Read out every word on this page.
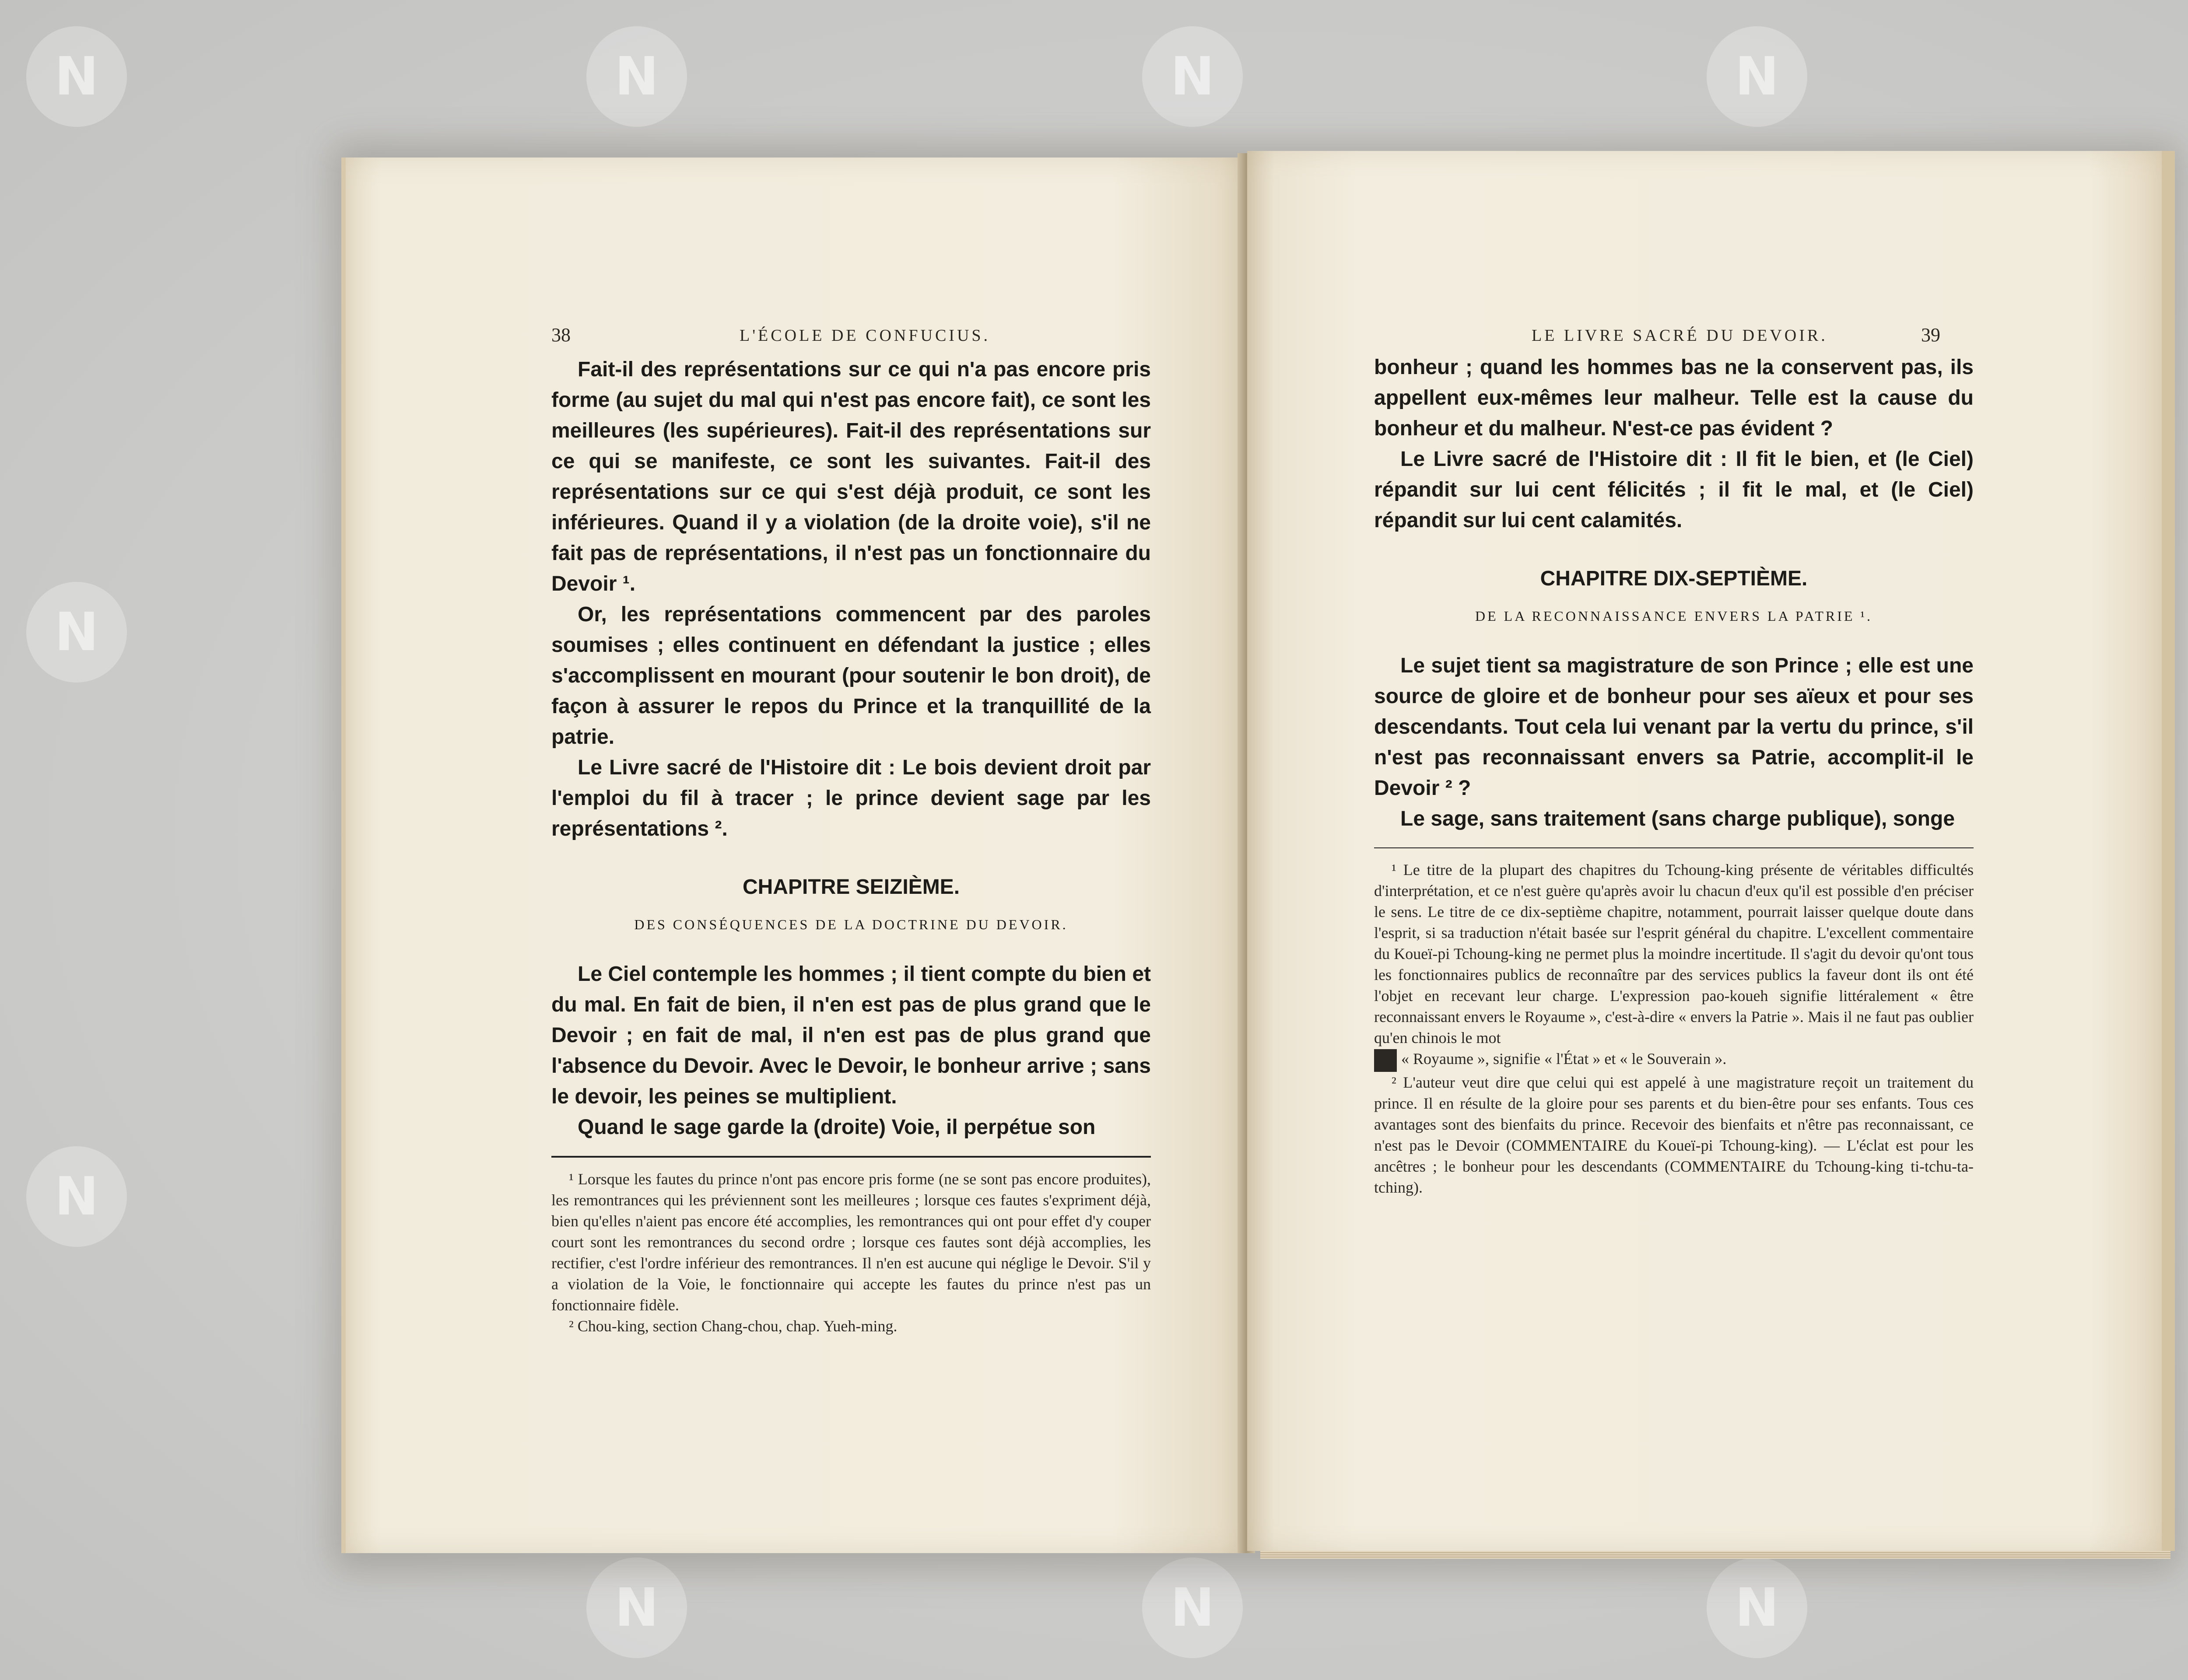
N	N	N	N
N
N
N	N	N
38	L'ÉCOLE DE CONFUCIUS.

Fait-il des représentations sur ce qui n'a pas encore pris forme (au sujet du mal qui n'est pas encore fait), ce sont les meilleures (les supérieures). Fait-il des représentations sur ce qui se manifeste, ce sont les suivantes. Fait-il des représentations sur ce qui s'est déjà produit, ce sont les inférieures. Quand il y a violation (de la droite voie), s'il ne fait pas de représentations, il n'est pas un fonctionnaire du Devoir ¹.

Or, les représentations commencent par des paroles soumises ; elles continuent en défendant la justice ; elles s'accomplissent en mourant (pour soutenir le bon droit), de façon à assurer le repos du Prince et la tranquillité de la patrie.

Le Livre sacré de l'Histoire dit : Le bois devient droit par l'emploi du fil à tracer ; le prince devient sage par les représentations ².

CHAPITRE SEIZIÈME.
DES CONSÉQUENCES DE LA DOCTRINE DU DEVOIR.

Le Ciel contemple les hommes ; il tient compte du bien et du mal. En fait de bien, il n'en est pas de plus grand que le Devoir ; en fait de mal, il n'en est pas de plus grand que l'absence du Devoir. Avec le Devoir, le bonheur arrive ; sans le devoir, les peines se multiplient.

Quand le sage garde la (droite) Voie, il perpétue son

¹ Lorsque les fautes du prince n'ont pas encore pris forme (ne se sont pas encore produites), les remontrances qui les préviennent sont les meilleures ; lorsque ces fautes s'expriment déjà, bien qu'elles n'aient pas encore été accomplies, les remontrances qui ont pour effet d'y couper court sont les remontrances du second ordre ; lorsque ces fautes sont déjà accomplies, les rectifier, c'est l'ordre inférieur des remontrances. Il n'en est aucune qui néglige le Devoir. S'il y a violation de la Voie, le fonctionnaire qui accepte les fautes du prince n'est pas un fonctionnaire fidèle.

² Chou-king, section Chang-chou, chap. Yueh-ming.

LE LIVRE SACRÉ DU DEVOIR.	39

bonheur ; quand les hommes bas ne la conservent pas, ils appellent eux-mêmes leur malheur. Telle est la cause du bonheur et du malheur. N'est-ce pas évident ?

Le Livre sacré de l'Histoire dit : Il fit le bien, et (le Ciel) répandit sur lui cent félicités ; il fit le mal, et (le Ciel) répandit sur lui cent calamités.

CHAPITRE DIX-SEPTIÈME.
DE LA RECONNAISSANCE ENVERS LA PATRIE ¹.

Le sujet tient sa magistrature de son Prince ; elle est une source de gloire et de bonheur pour ses aïeux et pour ses descendants. Tout cela lui venant par la vertu du prince, s'il n'est pas reconnaissant envers sa Patrie, accomplit-il le Devoir ² ?

Le sage, sans traitement (sans charge publique), songe

¹ Le titre de la plupart des chapitres du Tchoung-king présente de véritables difficultés d'interprétation, et ce n'est guère qu'après avoir lu chacun d'eux qu'il est possible d'en préciser le sens. Le titre de ce dix-septième chapitre, notamment, pourrait laisser quelque doute dans l'esprit, si sa traduction n'était basée sur l'esprit général du chapitre. L'excellent commentaire du Koueï-pi Tchoung-king ne permet plus la moindre incertitude. Il s'agit du devoir qu'ont tous les fonctionnaires publics de reconnaître par des services publics la faveur dont ils ont été l'objet en recevant leur charge. L'expression pao-koueh signifie littéralement « être reconnaissant envers le Royaume », c'est-à-dire « envers la Patrie ». Mais il ne faut pas oublier qu'en chinois le mot

« Royaume », signifie « l'État » et « le Souverain ».

² L'auteur veut dire que celui qui est appelé à une magistrature reçoit un traitement du prince. Il en résulte de la gloire pour ses parents et du bien-être pour ses enfants. Tous ces avantages sont des bienfaits du prince. Recevoir des bienfaits et n'être pas reconnaissant, ce n'est pas le Devoir (COMMENTAIRE du Koueï-pi Tchoung-king). — L'éclat est pour les ancêtres ; le bonheur pour les descendants (COMMENTAIRE du Tchoung-king ti-tchu-ta-tching).
